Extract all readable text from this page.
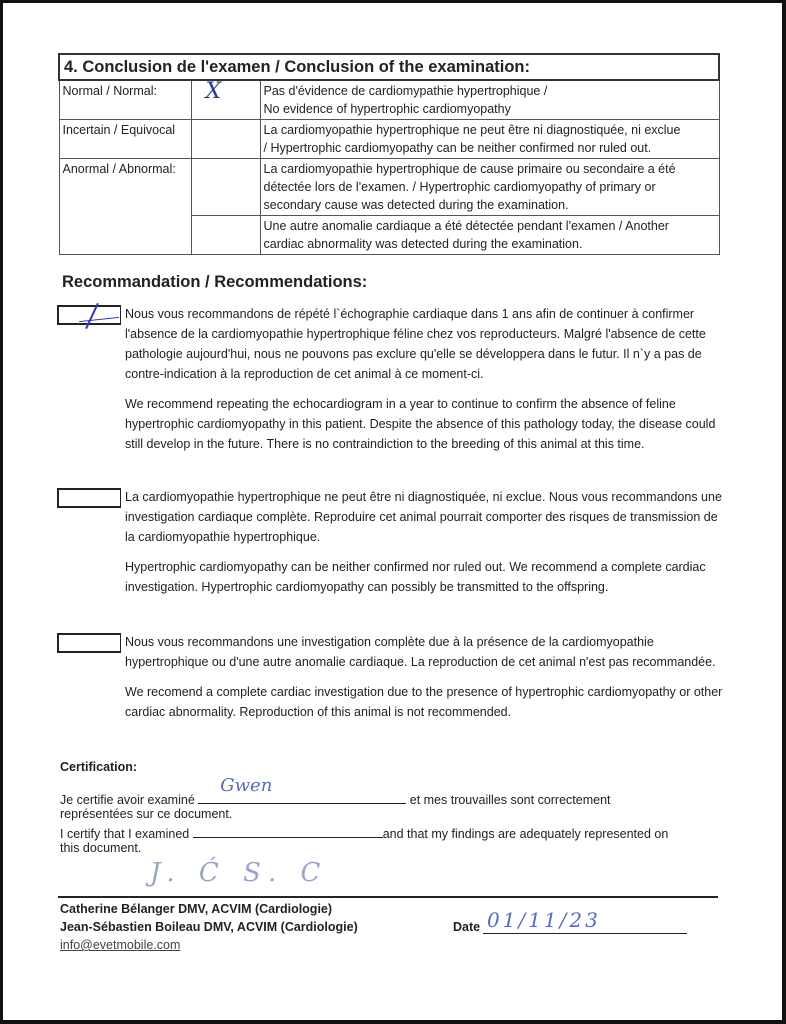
4. Conclusion de l'examen / Conclusion of the examination:		
Normal / Normal:	X	Pas d'évidence de cardiomypathie hypertrophique /
No evidence of hypertrophic cardiomyopathy

Incertain / Equivocal		La cardiomyopathie hypertrophique ne peut être ni diagnostiquée, ni exclue
/ Hypertrophic cardiomyopathy can be neither confirmed nor ruled out.

Anormal / Abnormal:		La cardiomyopathie hypertrophique de cause primaire ou secondaire a été
détectée lors de l'examen. / Hypertrophic cardiomyopathy of primary or
secondary cause was detected during the examination.

		Une autre anomalie cardiaque a été détectée pendant l'examen / Another
cardiac abnormality was detected during the examination.
Recommandation / Recommendations:

Nous vous recommandons de répété l`échographie cardiaque dans 1 ans afin de continuer à confirmer l'absence de la cardiomyopathie hypertrophique féline chez vos reproducteurs. Malgré l'absence de cette pathologie aujourd'hui, nous ne pouvons pas exclure qu'elle se développera dans le futur. Il n`y a pas de contre-indication à la reproduction de cet animal à ce moment-ci.

We recommend repeating the echocardiogram in a year to continue to confirm the absence of feline hypertrophic cardiomyopathy in this patient. Despite the absence of this pathology today, the disease could still develop in the future. There is no contraindiction to the breeding of this animal at this time.

La cardiomyopathie hypertrophique ne peut être ni diagnostiquée, ni exclue. Nous vous recommandons une investigation cardiaque complète. Reproduire cet animal pourrait comporter des risques de transmission de la cardiomyopathie hypertrophique.

Hypertrophic cardiomyopathy can be neither confirmed nor ruled out. We recommend a complete cardiac investigation. Hypertrophic cardiomyopathy can possibly be transmitted to the offspring.

Nous vous recommandons une investigation complète due à la présence de la cardiomyopathie hypertrophique ou d'une autre anomalie cardiaque. La reproduction de cet animal n'est pas recommandée.

We recomend a complete cardiac investigation due to the presence of hypertrophic cardiomyopathy or other cardiac abnormality. Reproduction of this animal is not recommended.

Certification:
Je certifie avoir examiné
Gwen
et mes trouvailles sont correctement
représentées sur ce document.
I certify that I examined	and that my findings are adequately represented on
this document.
J. Ć S. C
Catherine Bélanger DMV, ACVIM (Cardiologie)
Jean-Sébastien Boileau DMV, ACVIM (Cardiologie)
info@evetmobile.com
Date 01/11/23
